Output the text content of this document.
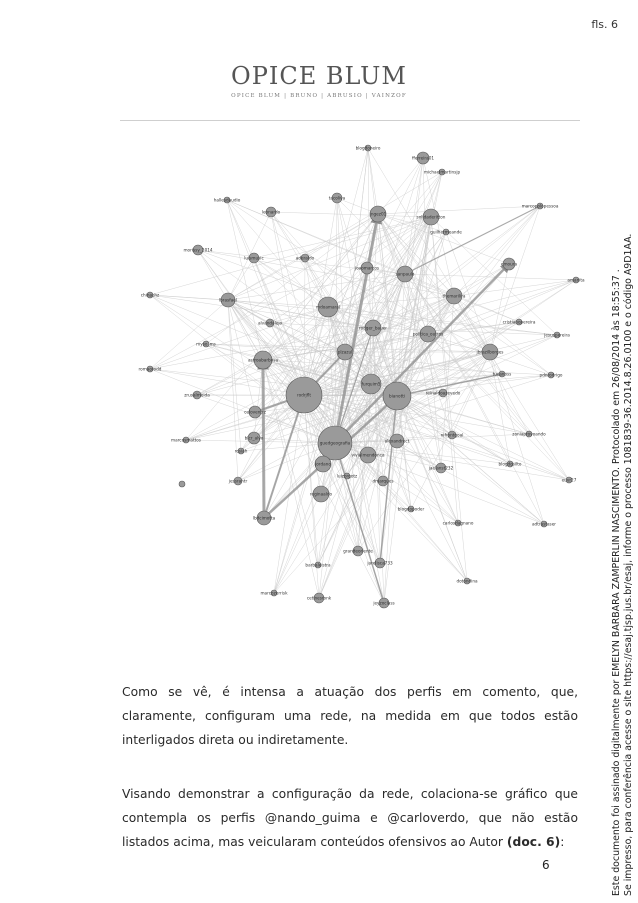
fls. 6
OPICE BLUM
OPICE BLUM | BRUNO | ABRUSIO | VAINZOF
blogdoneiro
fferreira01
michaelmartinsjp
marcopolopessoa
hallesdaudio
leonardo
tacoliva
jngez01
solidaderitton
guilhermeande
morissy_2014
luismusic	aderaldo
joaomarcos
sanpaulo
emoura
amanita
chinachz
lbrasfael
mdoamaral
rodger_bauer
themarilira
cristianopereira
jesuspereira
jbrazilborges
politica_outros
alvandalejo
myso_ms
astroabarbosa
plzazul
tucanoss	pdnrodrigo
romaorodd
rodrjflt
furquim5
bianotti
reinaldoazevedo
zrusalmeida
celoventrz
marcosmattos
guedgeografia	alexandrect
nifrontgoal	zoniaprovoando
rosiah
blogdosilto
blcr_alvo
vivialmendonca
jordano
euvr27
jessrantr
reginaaldo
luizorgotz
dmarques
blogdopoder
jaelanst232
carlosdagnano	adtrastaser
lbdcimotta
jarelisca733
grandeoriente
barbaleistra
dotondina
marcozerrisk
cetinesronk
jeyzoclass
Como se vê, é intensa a atuação dos perfis em comento, que, claramente, configuram uma rede, na medida em que todos estão interligados direta ou indiretamente.
Visando demonstrar a configuração da rede, colaciona-se gráfico que contempla os perfis @nando_guima e @carloverdo, que não estão listados acima, mas veicularam conteúdos ofensivos ao Autor (doc. 6):
6	Este documento foi assinado digitalmente por EMELYN BARBARA ZAMPERLIN NASCIMENTO. Protocolado em 26/08/2014 às 18:55:37 . Se impresso, para conferência acesse o site https://esaj.tjsp.jus.br/esaj, informe o processo 1081839-36.2014.8.26.0100 e o código A9D1AA.
